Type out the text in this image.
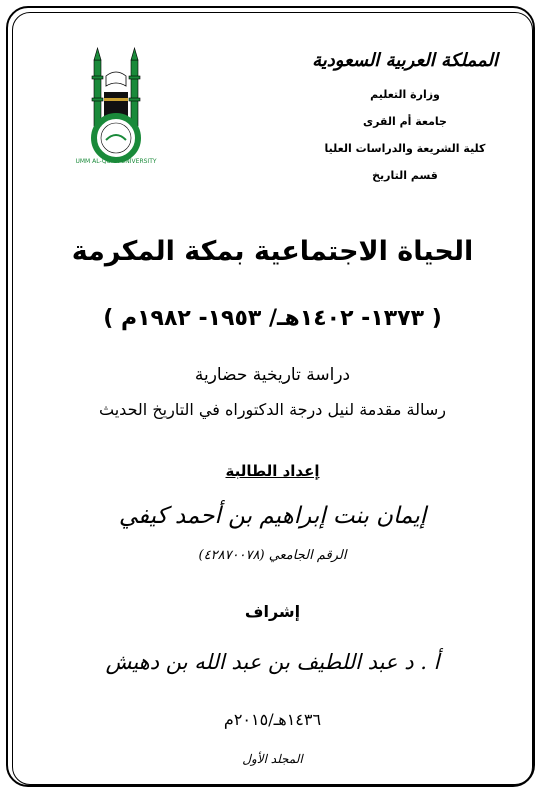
المملكة العربية السعودية
وزارة التعليم
جامعة أم القرى
كلية الشريعة والدراسات العليا
قسم التاريخ
UMM AL-QURA UNIVERSITY
الحياة الاجتماعية بمكة المكرمة
( ١٣٧٣- ١٤٠٢هـ/ ١٩٥٣- ١٩٨٢م )
دراسة تاريخية حضارية
رسالة مقدمة لنيل درجة الدكتوراه في التاريخ الحديث
إعداد الطالبة
إيمان بنت إبراهيم بن أحمد كيفي
الرقم الجامعي (٤٢٨٧٠٠٧٨)
إشراف
أ . د عبد اللطيف بن عبد الله بن دهيش
١٤٣٦هـ/٢٠١٥م
المجلد الأول
